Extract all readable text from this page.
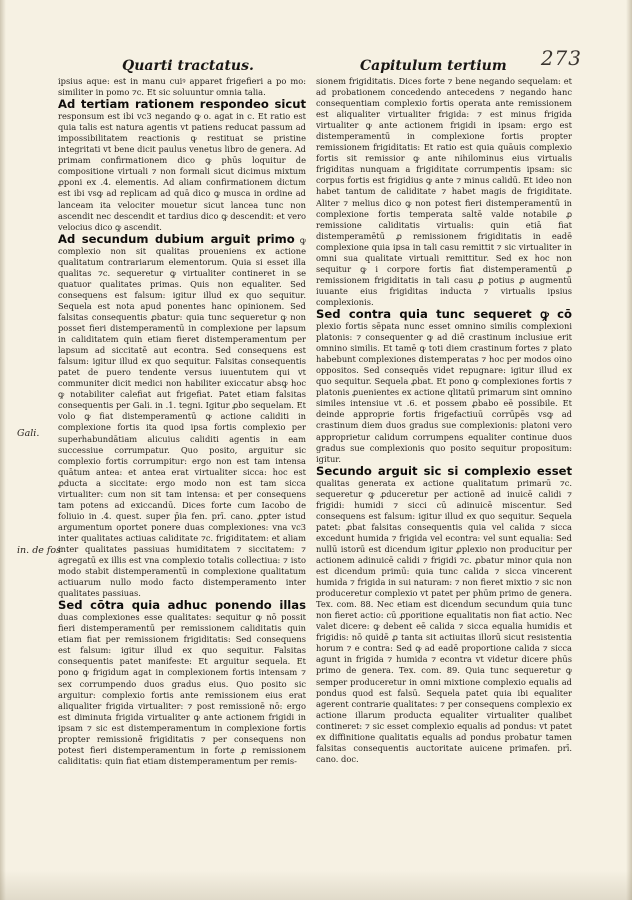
273
Quarti tractatus.	Capitulum tertium
Gali.
in. de fos

ipsius aque: est in manu cuiꝰ apparet frigefieri a po mo: similiter in pomo ⁊c. Et sic soluuntur omnia talia.

Ad tertiam rationem respondeo sicut responsum est ibi vc3 negando ꝙ o. agat in c. Et ratio est quia talis est natura agentis vt patiens reducat passum ad impossibilitatem reactionis ꝙ restituat se pristine integritati vt bene dicit paulus venetus libro de genera. Ad primam confirmationem dico ꝙ phūs loquitur de compositione virtuali ⁊ non formali sicut dicimus mixtum ꝓponi ex .4. elementis. Ad aliam confirmationem dictum est ibi vsꝙ ad replicam ad quā dico ꝙ musca in ordine ad lanceam ita velociter mouetur sicut lancea tunc non ascendit nec descendit et tardius dico ꝙ descendit: et vero velocius dico ꝙ ascendit.

Ad secundum dubium arguit primo ꝙ complexio non sit qualitas proueniens ex actione qualitatum contrariarum elementorum. Quia si esset illa qualitas ⁊c. sequeretur ꝙ virtualiter contineret in se quatuor qualitates primas. Quis non equaliter. Sed consequens est falsum: igitur illud ex quo sequitur. Sequela est nota apud ponentes hanc opinionem. Sed falsitas consequentis ꝓbatur: quia tunc sequeretur ꝙ non posset fieri distemperamentū in complexione per lapsum in caliditatem quin etiam fieret distemperamentum per lapsum ad siccitatē aut econtra. Sed consequens est falsum: igitur illud ex quo sequitur. Falsitas consequentis patet de puero tendente versus iuuentutem qui vt communiter dicit medici non habiliter exiccatur absꝙ hoc ꝙ notabiliter calefiat aut frigefiat. Patet etiam falsitas consequentis per Gali. in .1. tegni. Igitur ꝓbo sequelam. Et volo ꝙ fiat distemperamentū ꝙ actione caliditi in complexione fortis ita quod ipsa fortis complexio per superhabundātiam alicuius caliditi agentis in eam successiue corrumpatur. Quo posito, arguitur sic complexio fortis corrumpitur: ergo non est tam intensa quātum antea: et antea erat virtualiter sicca: hoc est ꝓducta a siccitate: ergo modo non est tam sicca virtualiter: cum non sit tam intensa: et per consequens tam potens ad exiccandū. Dices forte cum Iacobo de foliuio in .4. quest. super p̄ia fen. prī. cano. ꝓpter istud argumentum oportet ponere duas complexiones: vna vc3 inter qualitates actiuas caliditate ⁊c. frigiditatem: et aliam inter qualitates passiuas humiditatem ⁊ siccitatem: ⁊ agregatū ex illis est vna complexio totalis collectiua: ⁊ isto modo stabit distemperamentū in complexione qualitatum actiuarum nullo modo facto distemperamento inter qualitates passiuas.

Sed cōtra quia adhuc ponendo illas duas complexiones esse qualitates: sequitur ꝙ nō possit fieri distemperamentū per remissionem caliditatis quin etiam fiat per remissionem frigiditatis: Sed consequens est falsum: igitur illud ex quo sequitur. Falsitas consequentis patet manifeste: Et arguitur sequela. Et pono ꝙ frigidum agat in complexionem fortis intensam ⁊ sex corrumpendo duos gradus eius. Quo posito sic arguitur: complexio fortis ante remissionem eius erat aliqualiter frigida virtualiter: ⁊ post remissionē nō: ergo est diminuta frigida virtualiter ꝙ ante actionem frigidi in ipsam ⁊ sic est distemperamentum in complexione fortis propter remissionē frigiditatis ⁊ per consequens non potest fieri distemperamentum in forte ꝓ remissionem caliditatis: quin fiat etiam distemperamentum per remis-

sionem frigiditatis. Dices forte ⁊ bene negando sequelam: et ad probationem concedendo antecedens ⁊ negando hanc consequentiam complexio fortis operata ante remissionem est aliqualiter virtualiter frigida: ⁊ est minus frigida virtualiter ꝙ ante actionem frigidi in ipsam: ergo est distemperamentū in complexione fortis propter remissionem frigiditatis: Et ratio est quia quāuis complexio fortis sit remissior ꝙ ante nihilominus eius virtualis frigiditas nunquam a frigiditate corrumpentis ipsam: sic corpus fortis est frigidius ꝙ ante ⁊ minus calidū. Et ideo non habet tantum de caliditate ⁊ habet magis de frigiditate. Aliter ⁊ melius dico ꝙ non potest fieri distemperamentū in complexione fortis temperata saltē valde notabile ꝓ remissione caliditatis virtualis: quin etiā fiat distemperamētū ꝓ remissionem frigiditatis in eadē complexione quia ipsa in tali casu remittit ⁊ sic virtualiter in omni sua qualitate virtuali remittitur. Sed ex hoc non sequitur ꝙ i corpore fortis fiat distemperamentū ꝓ remissionem frigiditatis in tali casu ꝓ potius ꝓ augmentū iuuante eius frigiditas inducta ⁊ virtualis ipsius complexionis.

Sed contra quia tunc sequeret ꝙ cō plexio fortis sēpata nunc esset omnino similis complexioni platonis: ⁊ consequenter ꝙ ad diē crastinum inclusiue erit omnino similis. Et tamē ꝙ toti diem crastinum fortes ⁊ plato habebunt complexiones distemperatas ⁊ hoc per modos oino oppositos. Sed consequēs videt repugnare: igitur illud ex quo sequitur. Sequela ꝓbat. Et pono ꝙ complexiones fortis ⁊ platonis ꝓuenientes ex actione qlitatū primarum sint omnino similes intensiue vt .6. et possem ꝓbabo eē possibile. Et deinde approprie fortis frigefactiuū corrūpēs vsꝙ ad crastinum diem duos gradus sue complexionis: platoni vero approprietur calidum corrumpens equaliter continue duos gradus sue complexionis quo posito sequitur propositum: igitur.

Secundo arguit sic si complexio esset qualitas generata ex actione qualitatum primarū ⁊c. sequeretur ꝙ ꝓduceretur per actionē ad inuicē calidi ⁊ frigidi: humidi ⁊ sicci cū adinuicē miscentur. Sed consequens est falsum: igitur illud ex quo sequitur. Sequela patet: ꝓbat falsitas consequentis quia vel calida ⁊ sicca excedunt humida ⁊ frigida vel econtra: vel sunt equalia: Sed nullū istorū est dicendum igitur ꝓplexio non producitur per actionem adinuicē calidi ⁊ frigidi ⁊c. ꝓbatur minor quia non est dicendum primū: quia tunc calida ⁊ sicca vincerent humida ⁊ frigida in sui naturam: ⁊ non fieret mixtio ⁊ sic non produceretur complexio vt patet per phūm primo de genera. Tex. com. 88. Nec etiam est dicendum secundum quia tunc non fieret actio: cū ꝓporitione equalitatis non fiat actio. Nec valet dicere: ꝙ debent eē calida ⁊ sicca equalia humidis et frigidis: nō quidē ꝓ tanta sit actiuitas illorū sicut resistentia horum ⁊ e contra: Sed ꝙ ad eadē proportione calida ⁊ sicca agunt in frigida ⁊ humida ⁊ econtra vt videtur dicere phūs primo de genera. Tex. com. 89. Quia tunc sequeretur ꝙ semper produceretur in omni mixtione complexio equalis ad pondus quod est falsū. Sequela patet quia ibi equaliter agerent contrarie qualitates: ⁊ per consequens complexio ex actione illarum producta equaliter virtualiter qualibet contineret: ⁊ sic esset complexio equalis ad pondus: vt patet ex diffinitione qualitatis equalis ad pondus probatur tamen falsitas consequentis auctoritate auicene primafen. prī. cano. doc.
